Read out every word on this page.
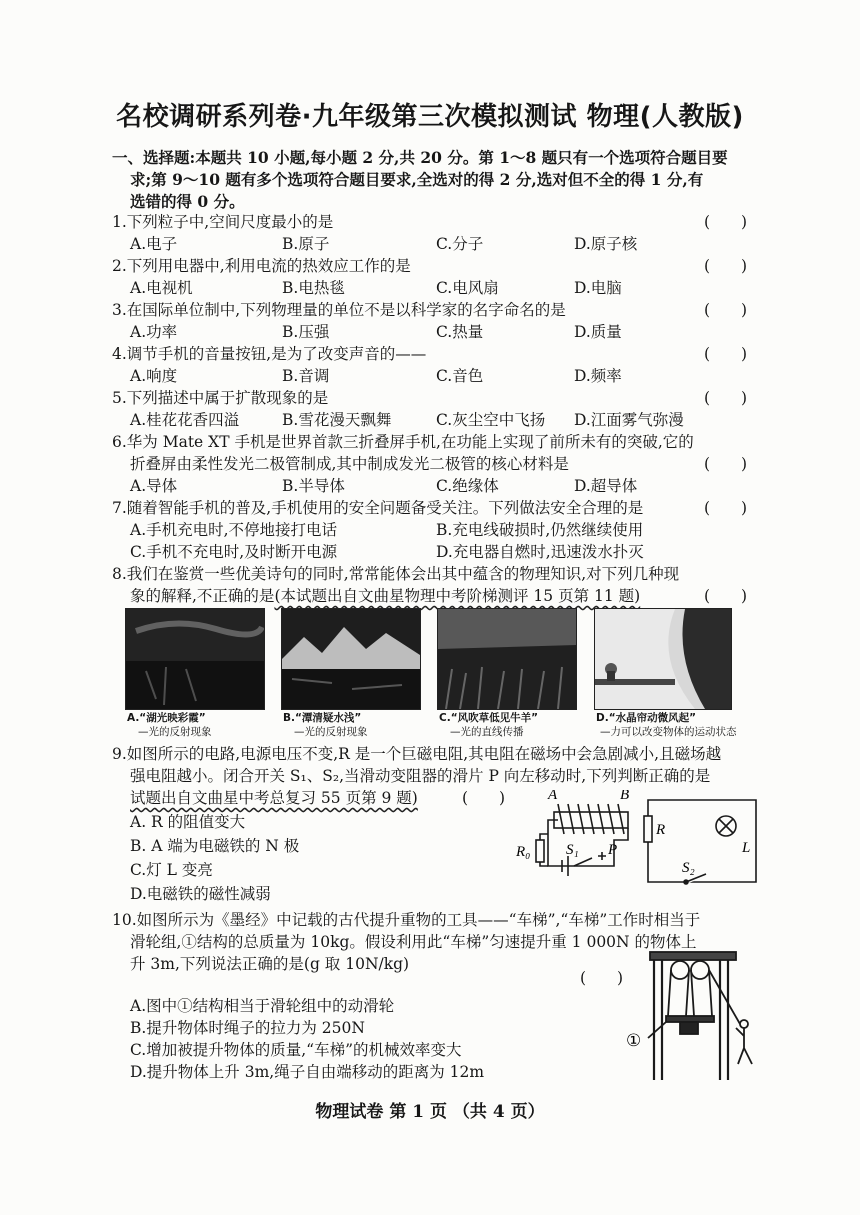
名校调研系列卷·九年级第三次模拟测试 物理(人教版)
一、选择题:本题共 10 小题,每小题 2 分,共 20 分。第 1～8 题只有一个选项符合题目要
求;第 9～10 题有多个选项符合题目要求,全选对的得 2 分,选对但不全的得 1 分,有
选错的得 0 分。
1.下列粒子中,空间尺度最小的是	(　　)
A.电子	B.原子	C.分子	D.原子核
2.下列用电器中,利用电流的热效应工作的是	(　　)
A.电视机	B.电热毯	C.电风扇	D.电脑
3.在国际单位制中,下列物理量的单位不是以科学家的名字命名的是	(　　)
A.功率	B.压强	C.热量	D.质量
4.调节手机的音量按钮,是为了改变声音的——	(　　)
A.响度	B.音调	C.音色	D.频率
5.下列描述中属于扩散现象的是	(　　)
A.桂花花香四溢	B.雪花漫天飘舞	C.灰尘空中飞扬 D.江面雾气弥漫
6.华为 Mate XT 手机是世界首款三折叠屏手机,在功能上实现了前所未有的突破,它的
折叠屏由柔性发光二极管制成,其中制成发光二极管的核心材料是	(　　)
A.导体	B.半导体	C.绝缘体	D.超导体
7.随着智能手机的普及,手机使用的安全问题备受关注。下列做法安全合理的是	(　　)
A.手机充电时,不停地接打电话	B.充电线破损时,仍然继续使用
C.手机不充电时,及时断开电源	D.充电器自燃时,迅速泼水扑灭
8.我们在鉴赏一些优美诗句的同时,常常能体会出其中蕴含的物理知识,对下列几种现
象的解释,不正确的是(本试题出自文曲星物理中考阶梯测评 15 页第 11 题)	(　　)
A.“湖光映彩霞”
—光的反射现象
B.“潭清疑水浅”
—光的反射现象
C.“风吹草低见牛羊”
—光的直线传播
D.“水晶帘动微风起”
—力可以改变物体的运动状态
9.如图所示的电路,电源电压不变,R 是一个巨磁电阻,其电阻在磁场中会急剧减小,且磁场越
强电阻越小。闭合开关 S₁、S₂,当滑动变阻器的滑片 P 向左移动时,下列判断正确的是
试题出自文曲星中考总复习 55 页第 9 题)	(　　)
A. R 的阻值变大
B. A 端为电磁铁的 N 极
C.灯 L 变亮
D.电磁铁的磁性减弱
A	B
R
R₀ S₁ P
S₂
L
10.如图所示为《墨经》中记载的古代提升重物的工具——“车梯”,“车梯”工作时相当于
滑轮组,①结构的总质量为 10kg。假设利用此“车梯”匀速提升重 1 000N 的物体上
升 3m,下列说法正确的是(g 取 10N/kg)
(　　)
A.图中①结构相当于滑轮组中的动滑轮
B.提升物体时绳子的拉力为 250N
C.增加被提升物体的质量,“车梯”的机械效率变大
D.提升物体上升 3m,绳子自由端移动的距离为 12m
①
物理试卷 第 1 页 （共 4 页）
